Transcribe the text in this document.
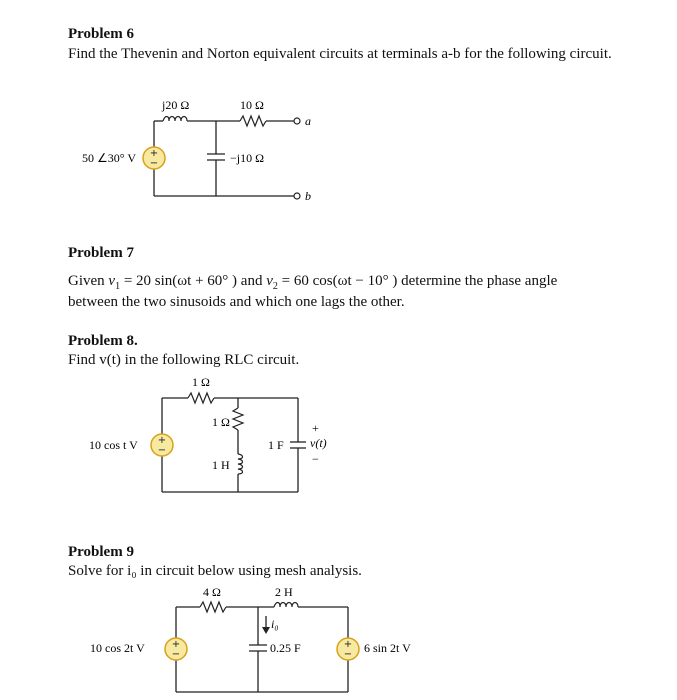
Problem 6
Find the Thevenin and Norton equivalent circuits at terminals a-b for the following circuit.
Problem 7
Given $v_1 = 20$ sin(ωt + 60° ) and $v_2 = 60$ cos(ωt − 10° ) determine the phase angle
between the two sinusoids and which one lags the other.
Problem 8.
Find v(t) in the following RLC circuit.
Problem 9
Solve for i₀ in circuit below using mesh analysis.
+
−
j20 Ω	10 Ω
−j10 Ω
50 ∠30° V
a
b
+
−
1 Ω
1 Ω
1 H
1 F
10 cos t V
+
v(t)
−
+
−
+
−
4 Ω	2 H
0.25 F
i₀
10 cos 2t V	6 sin 2t V
